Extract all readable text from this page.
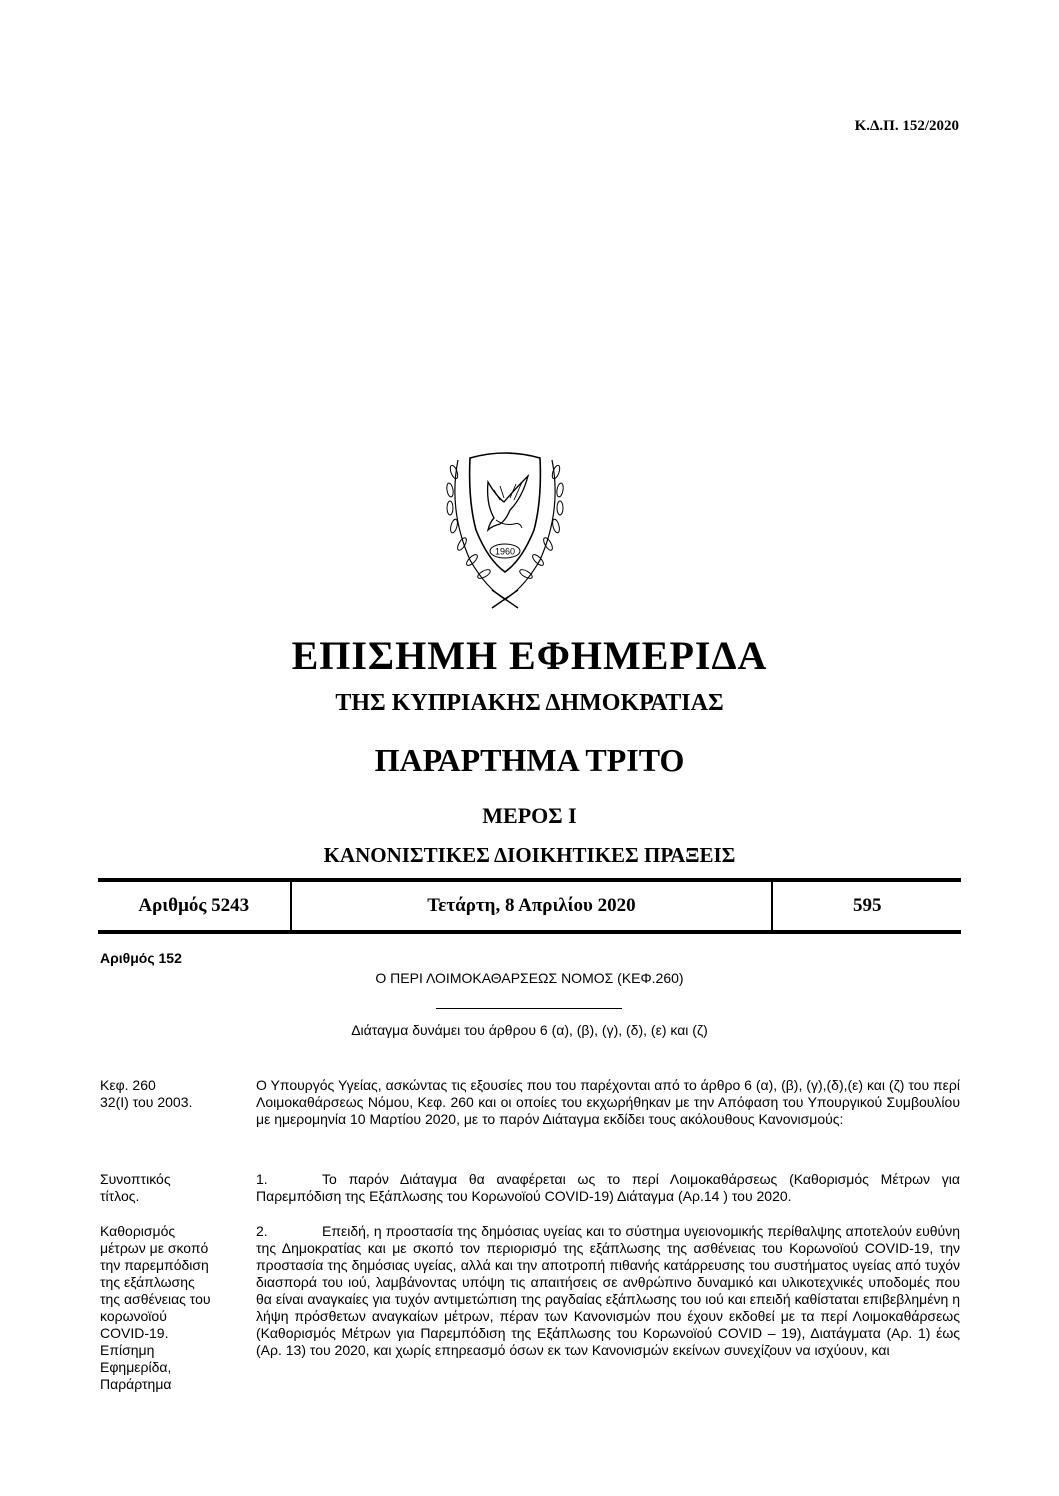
Κ.Δ.Π. 152/2020
1960
ΕΠΙΣΗΜΗ ΕΦΗΜΕΡΙΔΑ
ΤΗΣ ΚΥΠΡΙΑΚΗΣ ΔΗΜΟΚΡΑΤΙΑΣ
ΠΑΡΑΡΤΗΜΑ ΤΡΙΤΟ
ΜΕΡΟΣ Ι
ΚΑΝΟΝΙΣΤΙΚΕΣ ΔΙΟΙΚΗΤΙΚΕΣ ΠΡΑΞΕΙΣ
Αριθμός 5243	Τετάρτη, 8 Απριλίου 2020	595
Αριθμός 152
Ο ΠΕΡΙ ΛΟΙΜΟΚΑΘΑΡΣΕΩΣ ΝΟΜΟΣ (ΚΕΦ.260)
Διάταγμα δυνάμει του άρθρου 6 (α), (β), (γ), (δ), (ε) και (ζ)
Κεφ. 260
32(Ι) του 2003.
Ο Υπουργός Υγείας, ασκώντας τις εξουσίες που του παρέχονται από το άρθρο 6 (α), (β), (γ),(δ),(ε) και (ζ) του περί Λοιμοκαθάρσεως Νόμου, Κεφ. 260 και οι οποίες του εκχωρήθηκαν με την Απόφαση του Υπουργικού Συμβουλίου με ημερομηνία 10 Μαρτίου 2020, με το παρόν Διάταγμα εκδίδει τους ακόλουθους Κανονισμούς:
Συνοπτικός
τίτλος.
1.	Το παρόν Διάταγμα θα αναφέρεται ως το περί Λοιμοκαθάρσεως (Καθορισμός Μέτρων για Παρεμπόδιση της Εξάπλωσης του Κορωνοϊού COVID-19) Διάταγμα (Αρ.14 ) του 2020.
Καθορισμός
μέτρων με σκοπό
την παρεμπόδιση
της εξάπλωσης
της ασθένειας του
κορωνοϊού
COVID-19.
Επίσημη
Εφημερίδα,
Παράρτημα
2.	Επειδή, η προστασία της δημόσιας υγείας και το σύστημα υγειονομικής περίθαλψης αποτελούν ευθύνη της Δημοκρατίας και με σκοπό τον περιορισμό της εξάπλωσης της ασθένειας του Κορωνοϊού COVID-19, την προστασία της δημόσιας υγείας, αλλά και την αποτροπή πιθανής κατάρρευσης του συστήματος υγείας από τυχόν διασπορά του ιού, λαμβάνοντας υπόψη τις απαιτήσεις σε ανθρώπινο δυναμικό και υλικοτεχνικές υποδομές που θα είναι αναγκαίες για τυχόν αντιμετώπιση της ραγδαίας εξάπλωσης του ιού και επειδή καθίσταται επιβεβλημένη η λήψη πρόσθετων αναγκαίων μέτρων, πέραν των Κανονισμών που έχουν εκδοθεί με τα περί Λοιμοκαθάρσεως (Καθορισμός Μέτρων για Παρεμπόδιση της Εξάπλωσης του Κορωνοϊού COVID – 19), Διατάγματα (Αρ. 1) έως (Αρ. 13) του 2020, και χωρίς επηρεασμό όσων εκ των Κανονισμών εκείνων συνεχίζουν να ισχύουν, και
